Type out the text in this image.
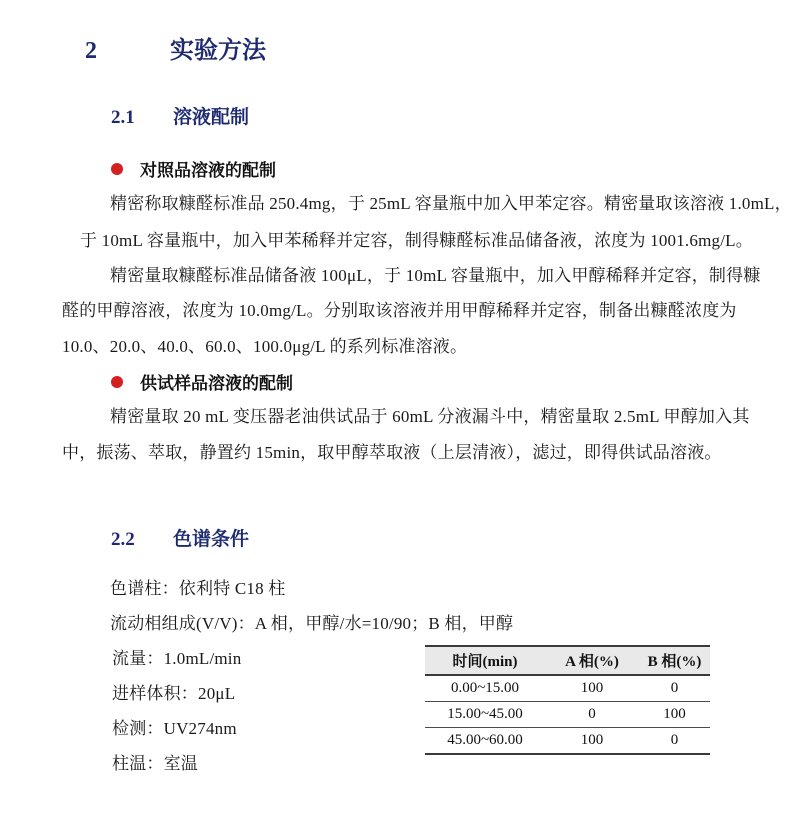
2	实验方法
2.1	溶液配制
对照品溶液的配制
精密称取糠醛标准品 250.4mg，于 25mL 容量瓶中加入甲苯定容。精密量取该溶液 1.0mL，
于 10mL 容量瓶中，加入甲苯稀释并定容，制得糠醛标准品储备液，浓度为 1001.6mg/L。
精密量取糠醛标准品储备液 100μL，于 10mL 容量瓶中，加入甲醇稀释并定容，制得糠
醛的甲醇溶液，浓度为 10.0mg/L。分别取该溶液并用甲醇稀释并定容，制备出糠醛浓度为
10.0、20.0、40.0、60.0、100.0μg/L 的系列标准溶液。
供试样品溶液的配制
精密量取 20 mL 变压器老油供试品于 60mL 分液漏斗中，精密量取 2.5mL 甲醇加入其
中，振荡、萃取，静置约 15min，取甲醇萃取液（上层清液），滤过，即得供试品溶液。
2.2	色谱条件
色谱柱：依利特 C18 柱
流动相组成(V/V)：A 相，甲醇/水=10/90；B 相，甲醇
流量：1.0mL/min
进样体积：20μL
检测：UV274nm
柱温：室温
时间(min)	A 相(%)	B 相(%)
0.00~15.00	100	0
15.00~45.00	0	100
45.00~60.00	100	0
